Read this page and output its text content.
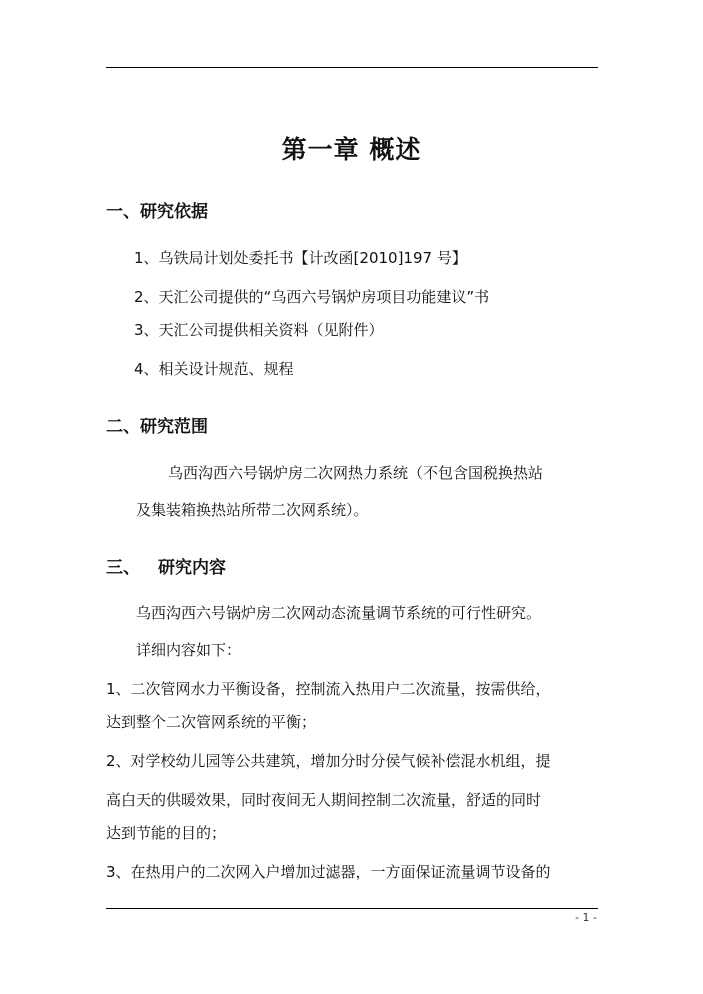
第一章 概述
一、研究依据
1、乌铁局计划处委托书【计改函[2010]197 号】
2、天汇公司提供的“乌西六号锅炉房项目功能建议”书
3、天汇公司提供相关资料（见附件）
4、相关设计规范、规程
二、研究范围
乌西沟西六号锅炉房二次网热力系统（不包含国税换热站
及集装箱换热站所带二次网系统）。
三、 研究内容
乌西沟西六号锅炉房二次网动态流量调节系统的可行性研究。
详细内容如下：
1、二次管网水力平衡设备，控制流入热用户二次流量，按需供给，
达到整个二次管网系统的平衡；
2、对学校幼儿园等公共建筑，增加分时分侯气候补偿混水机组，提
高白天的供暖效果，同时夜间无人期间控制二次流量，舒适的同时
达到节能的目的；
3、在热用户的二次网入户增加过滤器，一方面保证流量调节设备的
- 1 -
